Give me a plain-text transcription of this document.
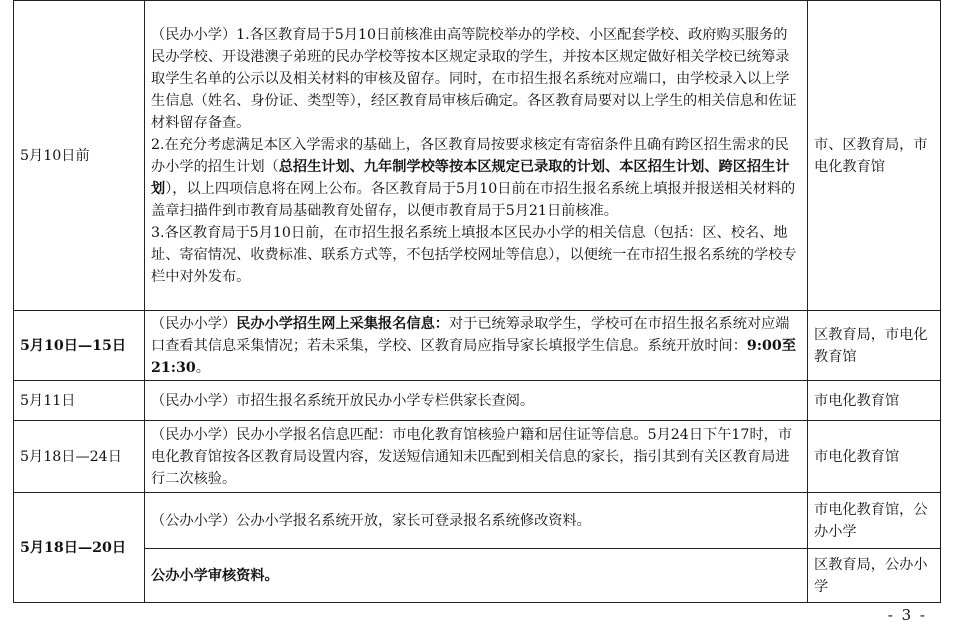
5月10日前	（民办小学）1.各区教育局于5月10日前核准由高等院校举办的学校、小区配套学校、政府购买服务的民办学校、开设港澳子弟班的民办学校等按本区规定录取的学生，并按本区规定做好相关学校已统筹录取学生名单的公示以及相关材料的审核及留存。同时，在市招生报名系统对应端口，由学校录入以上学生信息（姓名、身份证、类型等），经区教育局审核后确定。各区教育局要对以上学生的相关信息和佐证材料留存备查。
2.在充分考虑满足本区入学需求的基础上，各区教育局按要求核定有寄宿条件且确有跨区招生需求的民办小学的招生计划（总招生计划、九年制学校等按本区规定已录取的计划、本区招生计划、跨区招生计划），以上四项信息将在网上公布。各区教育局于5月10日前在市招生报名系统上填报并报送相关材料的盖章扫描件到市教育局基础教育处留存，以便市教育局于5月21日前核准。
3.各区教育局于5月10日前，在市招生报名系统上填报本区民办小学的相关信息（包括：区、校名、地址、寄宿情况、收费标准、联系方式等，不包括学校网址等信息），以便统一在市招生报名系统的学校专栏中对外发布。	市、区教育局，市电化教育馆
5月10日—15日	（民办小学）民办小学招生网上采集报名信息：对于已统筹录取学生，学校可在市招生报名系统对应端口查看其信息采集情况；若未采集，学校、区教育局应指导家长填报学生信息。系统开放时间：9:00至21:30。	区教育局，市电化教育馆
5月11日	（民办小学）市招生报名系统开放民办小学专栏供家长查阅。	市电化教育馆
5月18日—24日	（民办小学）民办小学报名信息匹配：市电化教育馆核验户籍和居住证等信息。5月24日下午17时，市电化教育馆按各区教育局设置内容，发送短信通知未匹配到相关信息的家长，指引其到有关区教育局进行二次核验。	市电化教育馆
5月18日—20日	（公办小学）公办小学报名系统开放，家长可登录报名系统修改资料。	市电化教育馆，公办小学

	公办小学审核资料。	区教育局，公办小学
- 3 -
